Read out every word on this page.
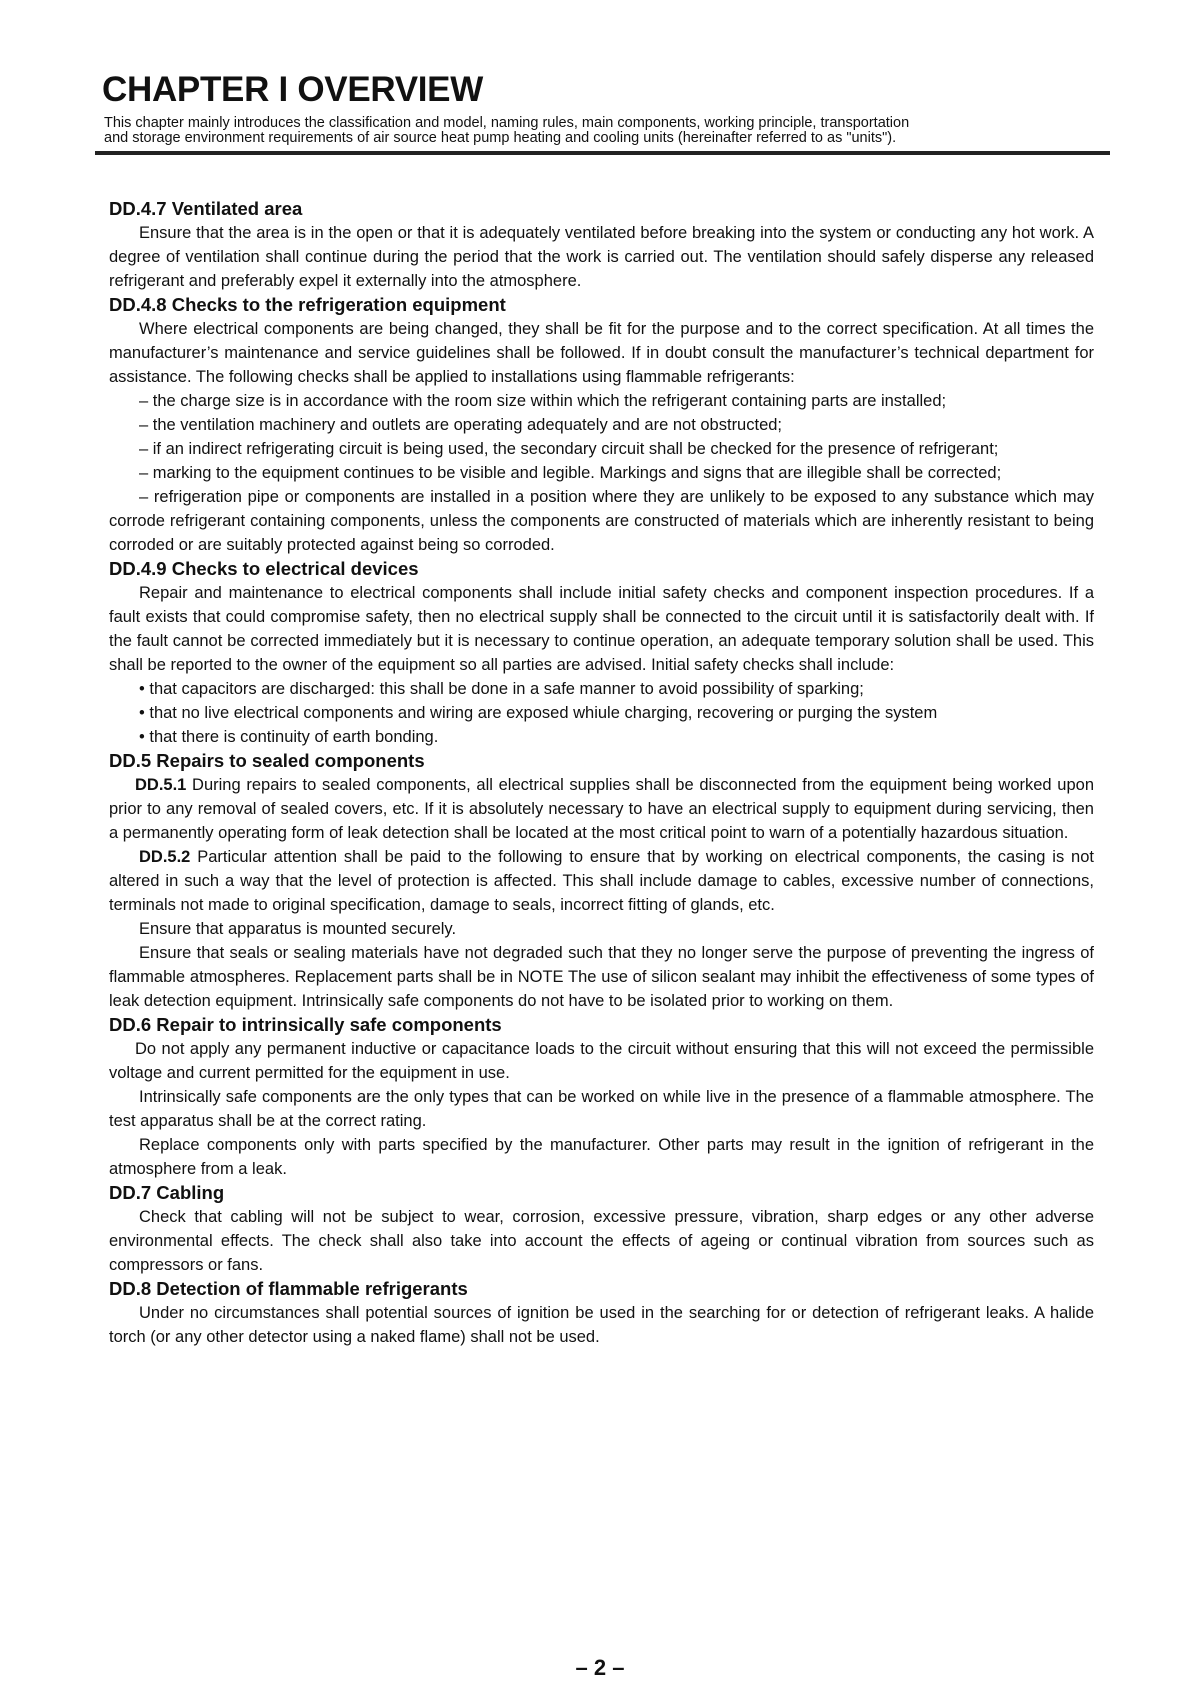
CHAPTER I OVERVIEW
This chapter mainly introduces the classification and model, naming rules, main components, working principle, transportation
and storage environment requirements of air source heat pump heating and cooling units (hereinafter referred to as "units").
DD.4.7 Ventilated area

Ensure that the area is in the open or that it is adequately ventilated before breaking into the system or conducting any hot work. A degree of ventilation shall continue during the period that the work is carried out. The ventilation should safely disperse any released refrigerant and preferably expel it externally into the atmosphere.

DD.4.8 Checks to the refrigeration equipment

Where electrical components are being changed, they shall be fit for the purpose and to the correct specification. At all times the manufacturer’s maintenance and service guidelines shall be followed. If in doubt consult the manufacturer’s technical department for assistance. The following checks shall be applied to installations using flammable refrigerants:

– the charge size is in accordance with the room size within which the refrigerant containing parts are installed;

– the ventilation machinery and outlets are operating adequately and are not obstructed;

– if an indirect refrigerating circuit is being used, the secondary circuit shall be checked for the presence of refrigerant;

– marking to the equipment continues to be visible and legible. Markings and signs that are illegible shall be corrected;

– refrigeration pipe or components are installed in a position where they are unlikely to be exposed to any substance which may corrode refrigerant containing components, unless the components are constructed of materials which are inherently resistant to being corroded or are suitably protected against being so corroded.

DD.4.9 Checks to electrical devices

Repair and maintenance to electrical components shall include initial safety checks and component inspection procedures. If a fault exists that could compromise safety, then no electrical supply shall be connected to the circuit until it is satisfactorily dealt with. If the fault cannot be corrected immediately but it is necessary to continue operation, an adequate temporary solution shall be used. This shall be reported to the owner of the equipment so all parties are advised. Initial safety checks shall include:

• that capacitors are discharged: this shall be done in a safe manner to avoid possibility of sparking;

• that no live electrical components and wiring are exposed whiule charging, recovering or purging the system

• that there is continuity of earth bonding.

DD.5 Repairs to sealed components

DD.5.1 During repairs to sealed components, all electrical supplies shall be disconnected from the equipment being worked upon prior to any removal of sealed covers, etc. If it is absolutely necessary to have an electrical supply to equipment during servicing, then a permanently operating form of leak detection shall be located at the most critical point to warn of a potentially hazardous situation.

DD.5.2 Particular attention shall be paid to the following to ensure that by working on electrical components, the casing is not altered in such a way that the level of protection is affected. This shall include damage to cables, excessive number of connections, terminals not made to original specification, damage to seals, incorrect fitting of glands, etc.

Ensure that apparatus is mounted securely.

Ensure that seals or sealing materials have not degraded such that they no longer serve the purpose of preventing the ingress of flammable atmospheres. Replacement parts shall be in NOTE The use of silicon sealant may inhibit the effectiveness of some types of leak detection equipment. Intrinsically safe components do not have to be isolated prior to working on them.

DD.6 Repair to intrinsically safe components

Do not apply any permanent inductive or capacitance loads to the circuit without ensuring that this will not exceed the permissible voltage and current permitted for the equipment in use.

Intrinsically safe components are the only types that can be worked on while live in the presence of a flammable atmosphere. The test apparatus shall be at the correct rating.

Replace components only with parts specified by the manufacturer. Other parts may result in the ignition of refrigerant in the atmosphere from a leak.

DD.7 Cabling

Check that cabling will not be subject to wear, corrosion, excessive pressure, vibration, sharp edges or any other adverse environmental effects. The check shall also take into account the effects of ageing or continual vibration from sources such as compressors or fans.

DD.8 Detection of flammable refrigerants

Under no circumstances shall potential sources of ignition be used in the searching for or detection of refrigerant leaks. A halide torch (or any other detector using a naked flame) shall not be used.

– 2 –
